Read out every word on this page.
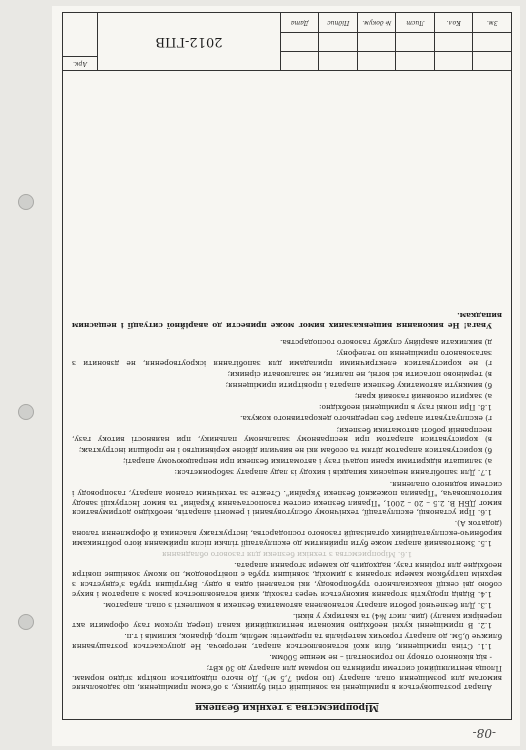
-08-
Мiроприємства з технiки безпеки

Апарат розташовується в приміщенні на зовнішній стіні будинку, з об'ємом приміщення, що задовольняє вимогам для розміщення опал. апарату (по нормі 7,5 м³). До нього підводиться повітря згідно нормам. Площа вентиляційної системи прийнята по нормам для апарату до 30 кВт;

- від віконного отвору по горизонталі – не менше 500мм.

1.1. Стіна приміщення, біля якої встановлюється апарат, негорюча. Не допускається розташування ближче 0,5м. до апарату горючих матеріалів та предметів: меблів, штор, фіранок, килимів і т.п.

1.2. В приміщенні кухні необхідно виконати вентиляційний канал (перед пуском газу оформити акт перевірки каналу) (див. лист №4) та кватирку у вікні.

1.3. Для безпечної роботи апарату встановлена автоматика безпеки в комплекті з опал. апаратом.

1.4. Відвід продуктів згорання виконується через газохід, який встановлюється разом з апаратом і вихує собою дві секції коаксиального трубопроводу, які вставлені одна в одну. Внутрішня труба з'єднується з верхнім патрубком камери згорання з димохід, зовнішня труба є повітроводом, по якому зовнішнє повітря необхідне для горіння газу, надходить до камери згорання апарата.

1.6. Мiроприємства з техніки безпеки для газового обладнання

1.5. Змонтований апарат може бути прийнятим до експлуатації тільки після приймання його робітниками виробничо-експлуатаційних організацій газового господарства, інструктажу власника й оформлення талона (додаток А).

1.6. При установці, експлуатації, технічному обслуговуванні і ремонті апаратів, необхідно дотримуватися вимог ДБН В. 2.5 – 20 – 2001, "Правил безпеки систем газопостачання України" та вимог Інструкції заводу виготовлювача, "Правила пожежної безпеки України". Стежте за технічним станом апарату, газопроводу і системи водяного опалення.

1.7. Для запобігання нещасних випадків і виходу із ладу апарату забороняється:

а) залишати відкритими крани подачі газу і автоматики безпеки при непрацюючому апараті;

б) користуватися апаратом дітям та особам які не вивчили дійсне керівництво і не пройшли інструктаж;

в) користуватися апаратом при несправному запальному пальнику, при наявності витоку газу, несправній роботі автоматики безпеки;

г) експлуатувати апарат без переднього декоративного кожуха.

1.8. При появі газу в приміщенні необхідно:

а) закрити основний газовий кран;

б) вимкнути автоматику безпеки апарата і провітрити приміщення;

в) терміново погасити всі вогні, не палити, не запалювати сірники;

г) не користуватися електричними приладами для запобігання іскроутворення, не дзвонити з загазованого приміщення по телефону;

д) викликати аварійну службу газового господарства.

Увага! Не виконання вищевказаних вимог може привести до аварійної ситуації і нещасним випадкам.

Зм.
Кол.
Лист
№ докум.
Підпис
Дата
2012-ГПВ
Арк.
